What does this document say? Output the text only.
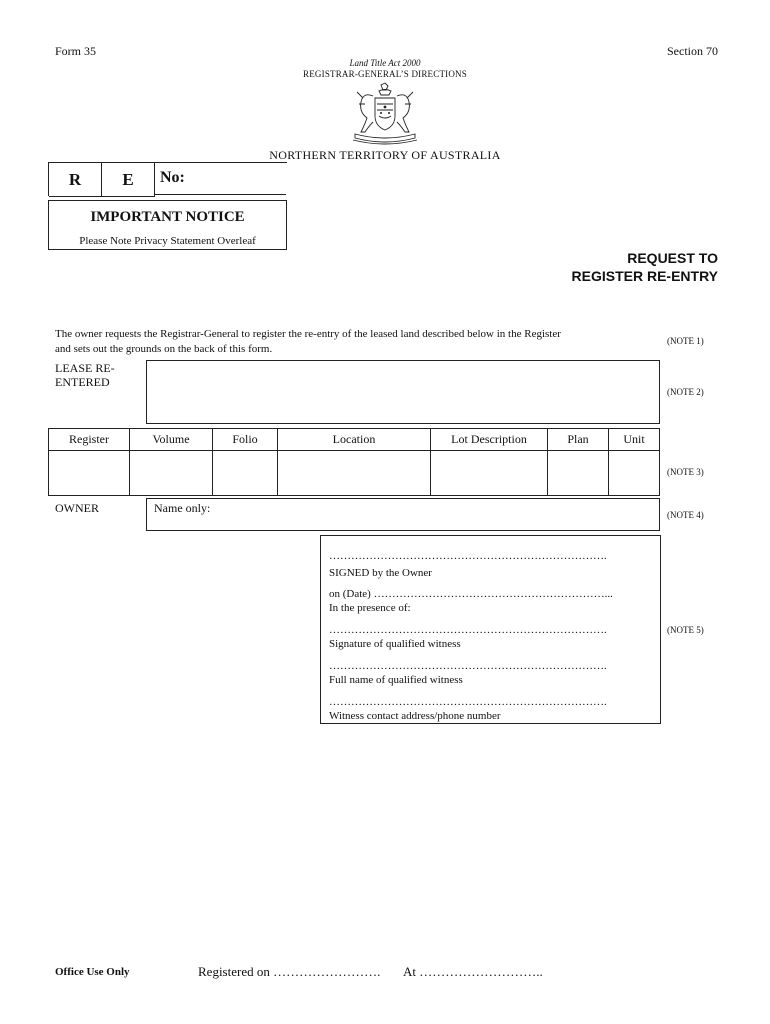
Form 35	Section 70
Land Title Act 2000
REGISTRAR-GENERAL’S DIRECTIONS
NORTHERN TERRITORY OF AUSTRALIA
R	E	No:
IMPORTANT NOTICE
Please Note Privacy Statement Overleaf
REQUEST TO
REGISTER RE-ENTRY
The owner requests the Registrar-General to register the re-entry of the leased land described below in the Register
and sets out the grounds on the back of this form.
(NOTE 1)
(NOTE 2)
(NOTE 3)
(NOTE 4)
(NOTE 5)
LEASE RE-
ENTERED
Register	Volume	Folio	Location	Lot Description	Plan	Unit

OWNER	Name only:
………………………………………………………………….
SIGNED by the Owner
on (Date) ………………………………………………………...
In the presence of:
………………………………………………………………….
Signature of qualified witness
………………………………………………………………….
Full name of qualified witness
………………………………………………………………….
Witness contact address/phone number
Office Use Only	Registered on ……………………. At ………………………..
